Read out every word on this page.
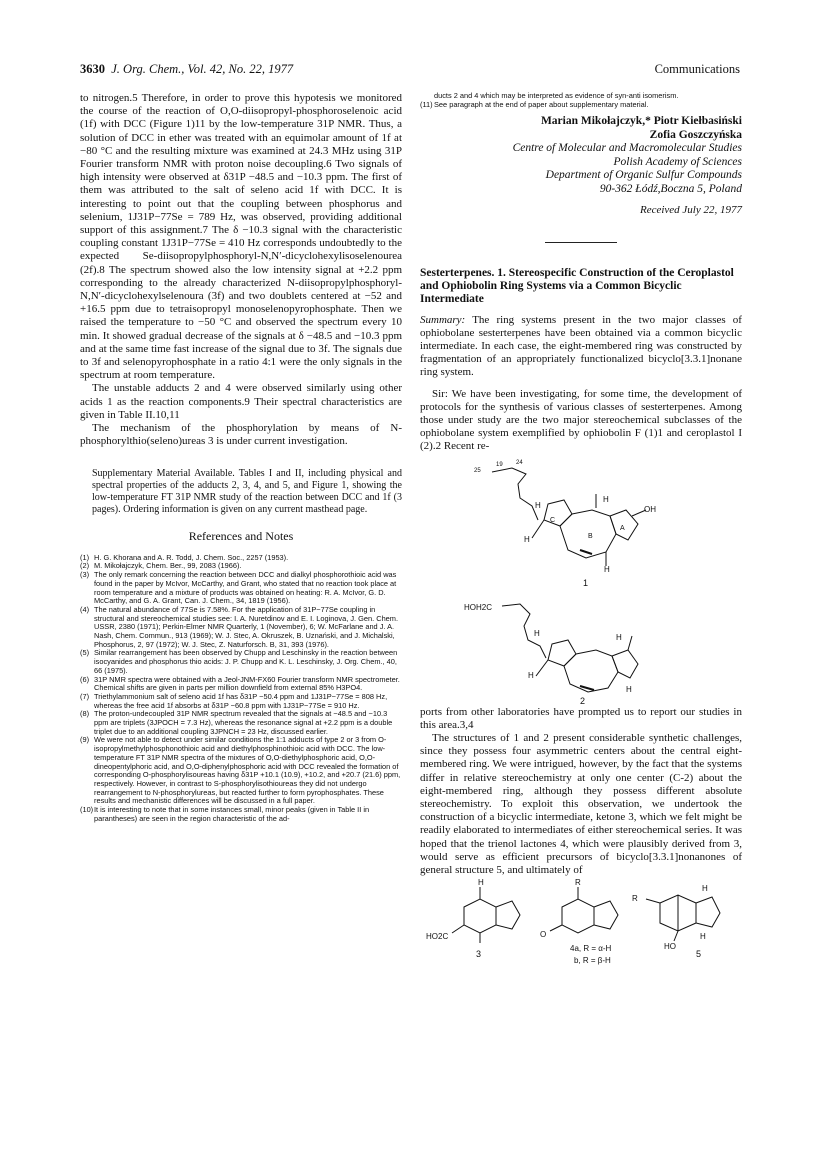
3630 J. Org. Chem., Vol. 42, No. 22, 1977	Communications

to nitrogen.5 Therefore, in order to prove this hypotesis we monitored the course of the reaction of O,O-diisopropyl-phosphoroselenoic acid (1f) with DCC (Figure 1)11 by the low-temperature 31P NMR. Thus, a solution of DCC in ether was treated with an equimolar amount of 1f at −80 °C and the resulting mixture was examined at 24.3 MHz using 31P Fourier transform NMR with proton noise decoupling.6 Two signals of high intensity were observed at δ31P −48.5 and −10.3 ppm. The first of them was attributed to the salt of seleno acid 1f with DCC. It is interesting to point out that the coupling between phosphorus and selenium, 1J31P−77Se = 789 Hz, was observed, providing additional support of this assignment.7 The δ −10.3 signal with the characteristic coupling constant 1J31P−77Se = 410 Hz corresponds undoubtedly to the expected Se-diisopropylphosphoryl-N,N′-dicyclohexylisoselenourea (2f).8 The spectrum showed also the low intensity signal at +2.2 ppm corresponding to the already characterized N-diisopropylphosphoryl-N,N′-dicyclohexylselenoura (3f) and two doublets centered at −52 and +16.5 ppm due to tetraisopropyl monoselenopyrophosphate. Then we raised the temperature to −50 °C and observed the spectrum every 10 min. It showed gradual decrease of the signals at δ −48.5 and −10.3 ppm and at the same time fast increase of the signal due to 3f. The signals due to 3f and selenopyrophosphate in a ratio 4:1 were the only signals in the spectrum at room temperature.

The unstable adducts 2 and 4 were observed similarly using other acids 1 as the reaction components.9 Their spectral characteristics are given in Table II.10,11

The mechanism of the phosphorylation by means of N-phosphorylthio(seleno)ureas 3 is under current investigation.

Supplementary Material Available. Tables I and II, including physical and spectral properties of the adducts 2, 3, 4, and 5, and Figure 1, showing the low-temperature FT 31P NMR study of the reaction between DCC and 1f (3 pages). Ordering information is given on any current masthead page.

References and Notes
(1) H. G. Khorana and A. R. Todd, J. Chem. Soc., 2257 (1953).
(2) M. Mikołajczyk, Chem. Ber., 99, 2083 (1966).
(3) The only remark concerning the reaction between DCC and dialkyl phosphorothioic acid was found in the paper by McIvor, McCarthy, and Grant, who stated that no reaction took place at room temperature and a mixture of products was obtained on heating: R. A. McIvor, G. D. McCarthy, and G. A. Grant, Can. J. Chem., 34, 1819 (1956).
(4) The natural abundance of 77Se is 7.58%. For the application of 31P−77Se coupling in structural and stereochemical studies see: I. A. Nuretdinov and E. I. Loginova, J. Gen. Chem. USSR, 2380 (1971); Perkin-Elmer NMR Quarterly, 1 (November), 6; W. McFarlane and J. A. Nash, Chem. Commun., 913 (1969); W. J. Stec, A. Okruszek, B. Uznański, and J. Michalski, Phosphorus, 2, 97 (1972); W. J. Stec, Z. Naturforsch. B, 31, 393 (1976).
(5) Similar rearrangement has been observed by Chupp and Leschinsky in the reaction between isocyanides and phosphorus thio acids: J. P. Chupp and K. L. Leschinsky, J. Org. Chem., 40, 66 (1975).
(6) 31P NMR spectra were obtained with a Jeol-JNM-FX60 Fourier transform NMR spectrometer. Chemical shifts are given in parts per million downfield from external 85% H3PO4.
(7) Triethylammonium salt of seleno acid 1f has δ31P −50.4 ppm and 1J31P−77Se = 808 Hz, whereas the free acid 1f absorbs at δ31P −60.8 ppm with 1J31P−77Se = 910 Hz.
(8) The proton-undecoupled 31P NMR spectrum revealed that the signals at −48.5 and −10.3 ppm are triplets (3JPOCH = 7.3 Hz), whereas the resonance signal at +2.2 ppm is a double triplet due to an additional coupling 3JPNCH = 23 Hz, discussed earlier.
(9) We were not able to detect under similar conditions the 1:1 adducts of type 2 or 3 from O-isopropylmethylphosphonothioic acid and diethylphosphinothioic acid with DCC. The low-temperature FT 31P NMR spectra of the mixtures of O,O-diethylphosphoric acid, O,O-dineopentylphoric acid, and O,O-diphenylphosphoric acid with DCC revealed the formation of corresponding O-phosphorylisoureas having δ31P +10.1 (10.9), +10.2, and +20.7 (21.6) ppm, respectively. However, in contrast to S-phosphorylisothioureas they did not undergo rearrangement to N-phosphorylureas, but reacted further to form pyrophosphates. These results and mechanistic differences will be discussed in a full paper.
(10) It is interesting to note that in some instances small, minor peaks (given in Table II in parantheses) are seen in the region characteristic of the ad-
ducts 2 and 4 which may be interpreted as evidence of syn-anti isomerism.
(11) See paragraph at the end of paper about supplementary material.
Marian Mikołajczyk,* Piotr Kiełbasiński
Zofia Goszczyńska
Centre of Molecular and Macromolecular Studies
Polish Academy of Sciences
Department of Organic Sulfur Compounds
90-362 Łódź,Boczna 5, Poland
Received July 22, 1977
Sesterterpenes. 1. Stereospecific Construction of the Ceroplastol and Ophiobolin Ring Systems via a Common Bicyclic Intermediate

Summary: The ring systems present in the two major classes of ophiobolane sesterterpenes have been obtained via a common bicyclic intermediate. In each case, the eight-membered ring was constructed by fragmentation of an appropriately functionalized bicyclo[3.3.1]nonane ring system.

Sir: We have been investigating, for some time, the development of protocols for the synthesis of various classes of sesterterpenes. Among those under study are the two major stereochemical subclasses of the ophiobolane system exemplified by ophiobolin F (1)1 and ceroplastol I (2).2 Recent re-

25
19 24
H
C
B
A
H
OH
H
H
1
HOH2C
H	H
H
H
2

ports from other laboratories have prompted us to report our studies in this area.3,4

The structures of 1 and 2 present considerable synthetic challenges, since they possess four asymmetric centers about the central eight-membered ring. We were intrigued, however, by the fact that the systems differ in relative stereochemistry at only one center (C-2) about the eight-membered ring, although they possess different absolute stereochemistry. To exploit this observation, we undertook the construction of a bicyclic intermediate, ketone 3, which we felt might be readily elaborated to intermediates of either stereochemical series. It was hoped that the trienol lactones 4, which were plausibly derived from 3, would serve as efficient precursors of bicyclo[3.3.1]nonanones of general structure 5, and ultimately of

H
HO2C
3
R
O
4a, R = α-H
b, R = β-H
R
H
H
HO
5
